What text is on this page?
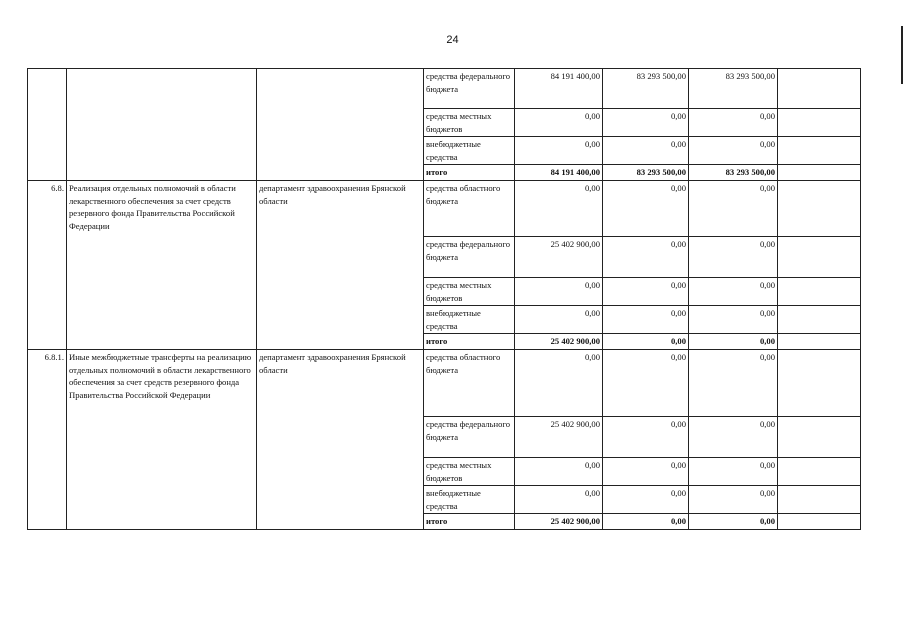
24
			средства федерального бюджета	84 191 400,00	83 293 500,00	83 293 500,00	
			средства местных бюджетов	0,00	0,00	0,00	
			внебюджетные средства	0,00	0,00	0,00	
			итого	84 191 400,00	83 293 500,00	83 293 500,00	
6.8.	Реализация отдельных полномочий в области лекарственного обеспечения за счет средств резервного фонда Правительства Российской Федерации	департамент здравоохранения Брянской области	средства областного бюджета	0,00	0,00	0,00	
			средства федерального бюджета	25 402 900,00	0,00	0,00	
			средства местных бюджетов	0,00	0,00	0,00	
			внебюджетные средства	0,00	0,00	0,00	
			итого	25 402 900,00	0,00	0,00	
6.8.1.	Иные межбюджетные трансферты на реализацию отдельных полномочий в области лекарственного обеспечения за счет средств резервного фонда Правительства Российской Федерации	департамент здравоохранения Брянской области	средства областного бюджета	0,00	0,00	0,00	
			средства федерального бюджета	25 402 900,00	0,00	0,00	
			средства местных бюджетов	0,00	0,00	0,00	
			внебюджетные средства	0,00	0,00	0,00	
			итого	25 402 900,00	0,00	0,00	
